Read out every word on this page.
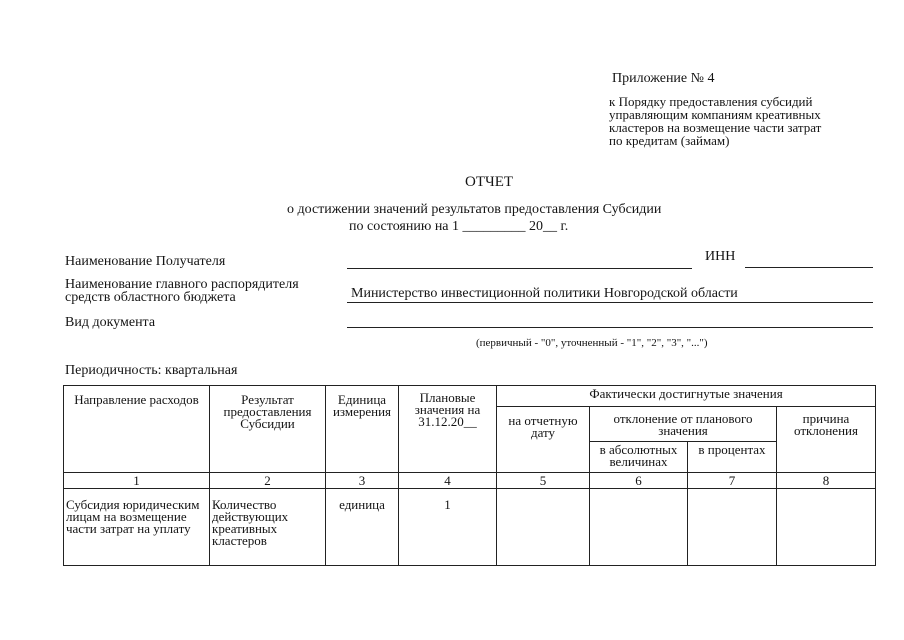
Приложение № 4
к Порядку предоставления субсидий
управляющим компаниям креативных
кластеров на возмещение части затрат
по кредитам (займам)
ОТЧЕТ
о достижении значений результатов предоставления Субсидии
по состоянию на 1 _________ 20__ г.
Наименование Получателя	ИНН
Наименование главного распорядителя
средств областного бюджета	Министерство инвестиционной политики Новгородской области
Вид документа
(первичный - "0", уточненный - "1", "2", "3", "...")
Периодичность: квартальная
Направление расходов	Результат предоставления Субсидии	Единица измерения	Плановые значения на 31.12.20__	Фактически достигнутые значения			
				на отчетную дату	отклонение от планового значения		причина отклонения
					в абсолютных величинах	в процентах	
1	2	3	4	5	6	7	8
Субсидия юридическим лицам на возмещение части затрат на уплату	Количество действующих креативных кластеров	единица	1				
